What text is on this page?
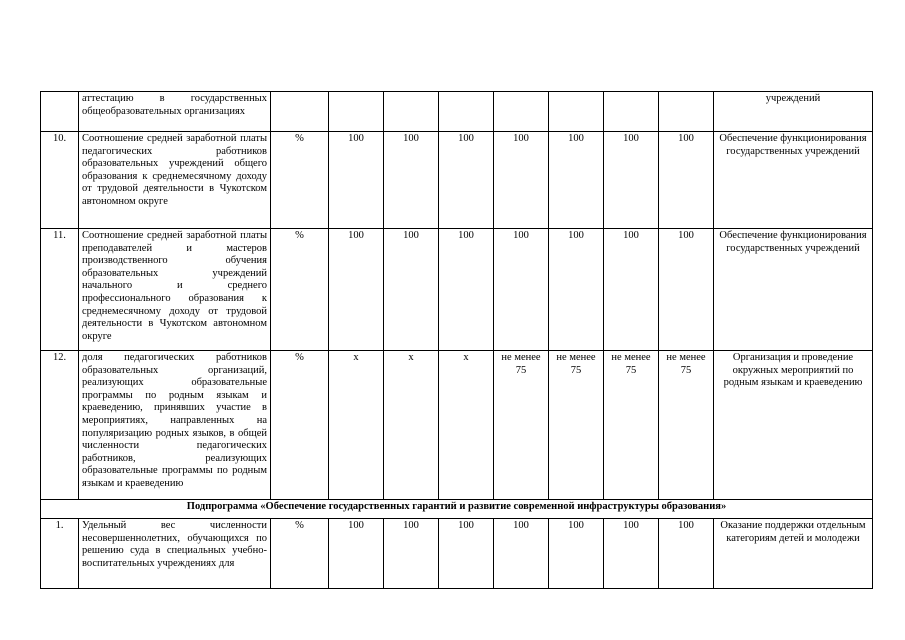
	аттестацию в государственных общеобразовательных организациях									учреждений
10.	Соотношение средней заработной платы педагогических работников образовательных учреждений общего образования к среднемесячному доходу от трудовой деятельности в Чукотском автономном округе	%	100	100	100	100	100	100	100	Обеспечение функционирования государственных учреждений
11.	Соотношение средней заработной платы преподавателей и мастеров производственного обучения образовательных учреждений начального и среднего профессионального образования к среднемесячному доходу от трудовой деятельности в Чукотском автономном округе	%	100	100	100	100	100	100	100	Обеспечение функционирования государственных учреждений
12.	доля педагогических работников образовательных организаций, реализующих образовательные программы по родным языкам и краеведению, принявших участие в мероприятиях, направленных на популяризацию родных языков, в общей численности педагогических работников, реализующих образовательные программы по родным языкам и краеведению	%	х	х	х	не менее 75	не менее 75	не менее 75	не менее 75	Организация и проведение окружных мероприятий по родным языкам и краеведению
Подпрограмма «Обеспечение государственных гарантий и развитие современной инфраструктуры образования»										
1.	Удельный вес численности несовершеннолетних, обучающихся по решению суда в специальных учебно-воспитательных учреждениях для	%	100	100	100	100	100	100	100	Оказание поддержки отдельным категориям детей и молодежи
